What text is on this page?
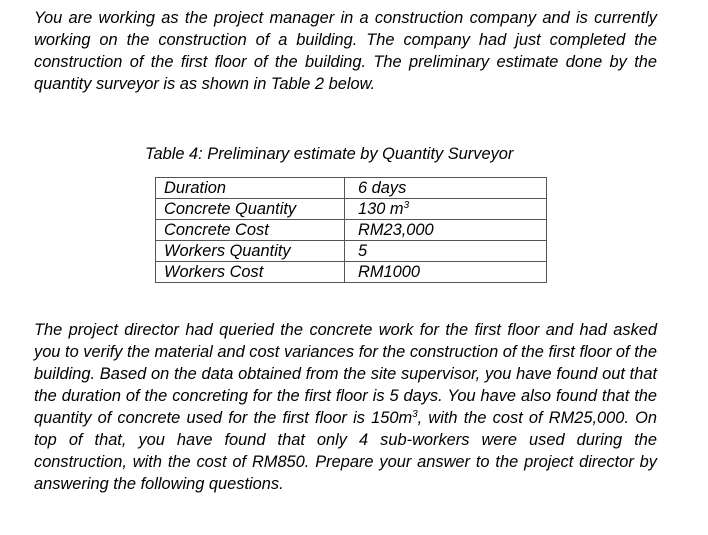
You are working as the project manager in a construction company and is currently working on the construction of a building. The company had just completed the construction of the first floor of the building. The preliminary estimate done by the quantity surveyor is as shown in Table 2 below.

Table 4: Preliminary estimate by Quantity Surveyor

Duration	6 days
Concrete Quantity	130 $m^3$
Concrete Cost	RM23,000
Workers Quantity	5
Workers Cost	RM1000

The project director had queried the concrete work for the first floor and had asked you to verify the material and cost variances for the construction of the first floor of the building. Based on the data obtained from the site supervisor, you have found out that the duration of the concreting for the first floor is 5 days. You have also found that the quantity of concrete used for the first floor is $150m^3$, with the cost of RM25,000. On top of that, you have found that only 4 sub-workers were used during the construction, with the cost of RM850. Prepare your answer to the project director by answering the following questions.
